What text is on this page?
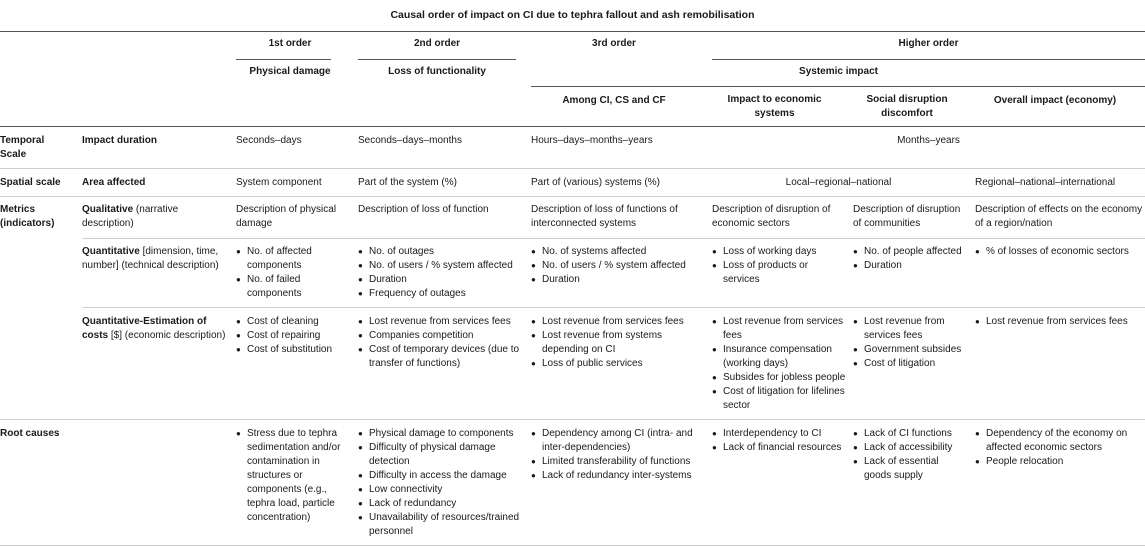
Causal order of impact on CI due to tephra fallout and ash remobilisation
1st order	2nd order	3rd order	Higher order
Physical damage	Loss of functionality	Systemic impact
Among CI, CS and CF	Impact to economic systems
Social disruption discomfort
Overall impact (economy)
Temporal Scale
Impact duration	Seconds–days	Seconds–days–months	Hours–days–months–years	Months–years
Spatial scale	Area affected	System component	Part of the system (%)	Part of (various) systems (%)	Local–regional–national	Regional–national–international
Metrics (indicators)
Qualitative (narrative description)
Description of physical damage
Description of loss of function	Description of loss of functions of interconnected systems
Description of disruption of economic sectors
Description of disruption of communities
Description of effects on the economy of a region/nation
Quantitative [dimension, time, number] (technical description)
● No. of affected components
● No. of failed components
● No. of outages
● No. of users / % system affected
● Duration
● Frequency of outages
● No. of systems affected
● No. of users / % system affected
● Duration
● Loss of working days
● Loss of products or services
● No. of people affected
● Duration
● % of losses of economic sectors
Quantitative-Estimation of costs [$] (economic description)
● Cost of cleaning
● Cost of repairing
● Cost of substitution
● Lost revenue from services fees
● Companies competition
● Cost of temporary devices (due to transfer of functions)
● Lost revenue from services fees
● Lost revenue from systems depending on CI
● Loss of public services
● Lost revenue from services fees
● Insurance compensation (working days)
● Subsides for jobless people
● Cost of litigation for lifelines sector
● Lost revenue from services fees
● Government subsides
● Cost of litigation
● Lost revenue from services fees
Root causes
●	Stress due to tephra sedimentation and/or contamination in structures or components (e.g., tephra load, particle concentration)
● Physical damage to components
● Difficulty of physical damage detection
● Difficulty in access the damage
● Low connectivity
● Lack of redundancy
● Unavailability of resources/trained personnel
● Dependency among CI (intra- and inter-dependencies)
● Limited transferability of functions
● Lack of redundancy inter-systems
● Interdependency to CI
● Lack of financial resources
● Lack of CI functions
● Lack of accessibility
● Lack of essential goods supply
● Dependency of the economy on affected economic sectors
● People relocation
